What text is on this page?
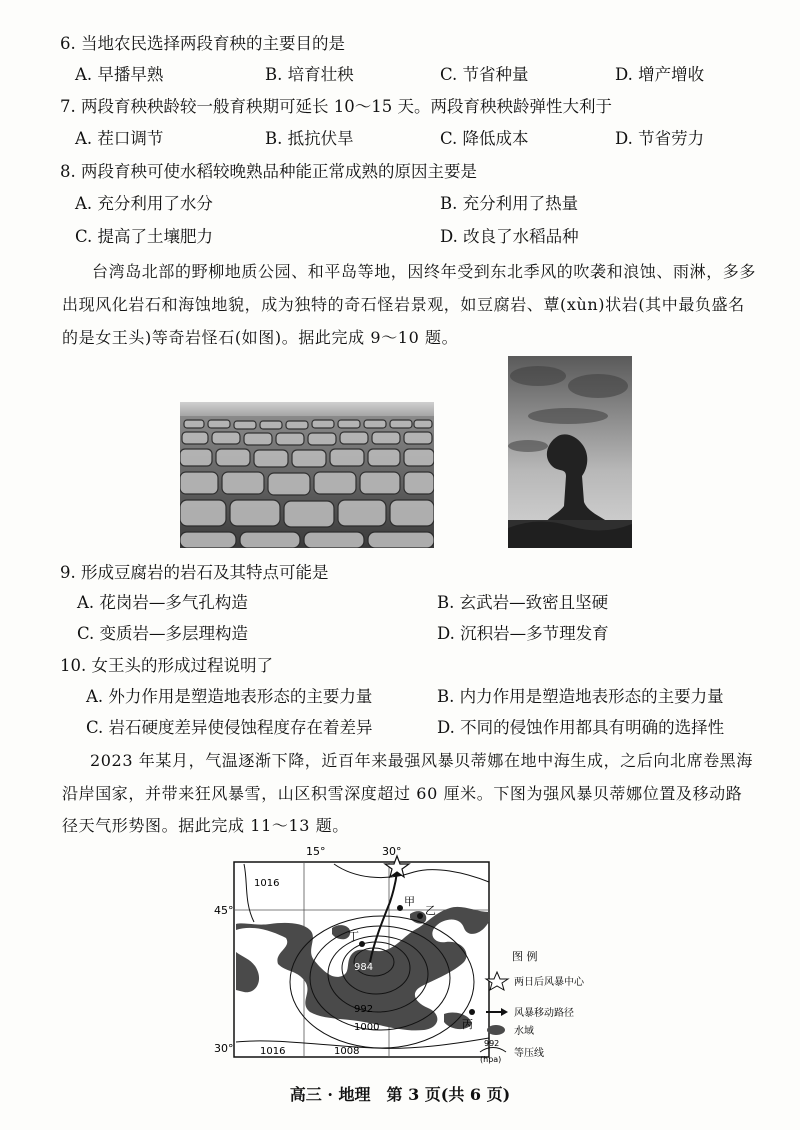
6. 当地农民选择两段育秧的主要目的是
A. 早播早熟	B. 培育壮秧	C. 节省种量	D. 增产增收
7. 两段育秧秧龄较一般育秧期可延长 10～15 天。两段育秧秧龄弹性大利于
A. 茬口调节	B. 抵抗伏旱	C. 降低成本	D. 节省劳力
8. 两段育秧可使水稻较晚熟品种能正常成熟的原因主要是
A. 充分利用了水分	B. 充分利用了热量
C. 提高了土壤肥力	D. 改良了水稻品种
台湾岛北部的野柳地质公园、和平岛等地，因终年受到东北季风的吹袭和浪蚀、雨淋，多多
出现风化岩石和海蚀地貌，成为独特的奇石怪岩景观，如豆腐岩、蕈(xùn)状岩(其中最负盛名
的是女王头)等奇岩怪石(如图)。据此完成 9～10 题。
9. 形成豆腐岩的岩石及其特点可能是
A. 花岗岩—多气孔构造	B. 玄武岩—致密且坚硬
C. 变质岩—多层理构造	D. 沉积岩—多节理发育
10. 女王头的形成过程说明了
A. 外力作用是塑造地表形态的主要力量	B. 内力作用是塑造地表形态的主要力量
C. 岩石硬度差异使侵蚀程度存在着差异	D. 不同的侵蚀作用都具有明确的选择性
2023 年某月，气温逐渐下降，近百年来最强风暴贝蒂娜在地中海生成，之后向北席卷黑海
沿岸国家，并带来狂风暴雪，山区积雪深度超过 60 厘米。下图为强风暴贝蒂娜位置及移动路
径天气形势图。据此完成 11～13 题。
15°	30°
45°
30°
1016
984
992
1000
1008
1016
甲
乙
丙
丁
图 例
两日后风暴中心
风暴移动路径
水域
992
(hpa)
等压线
高三 · 地理　第 3 页(共 6 页)
